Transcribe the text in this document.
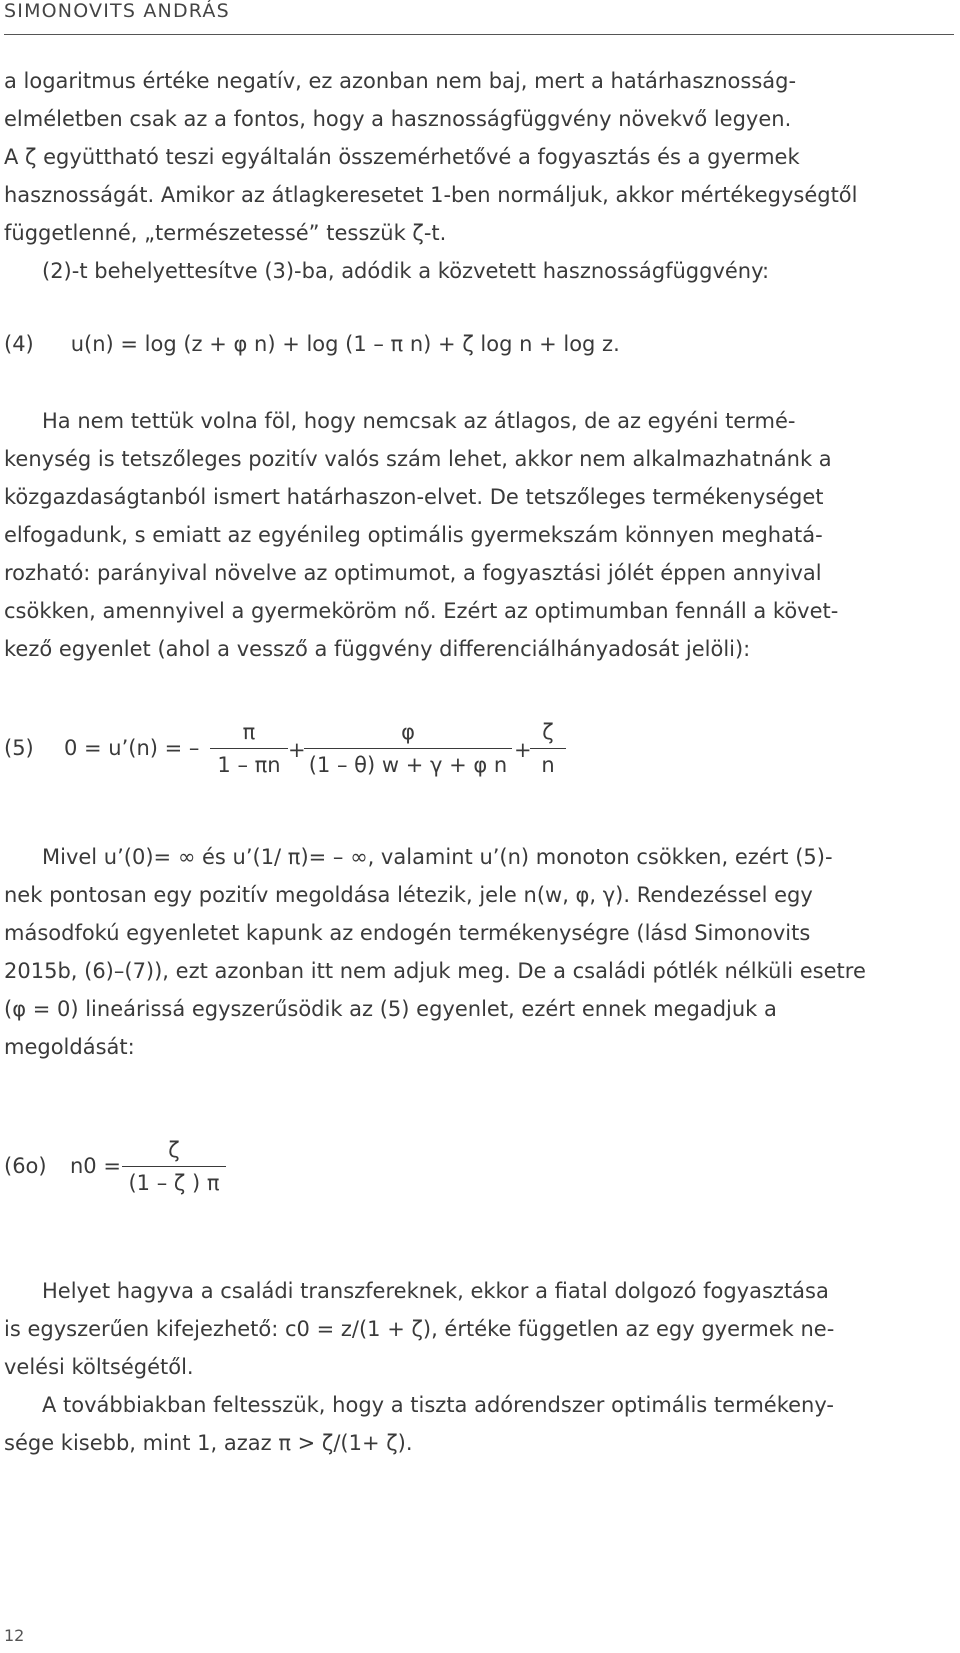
SIMONOVITS ANDRÁS
a logaritmus értéke negatív, ez azonban nem baj, mert a határhasznosság-
elméletben csak az a fontos, hogy a hasznosságfüggvény növekvő legyen.
A ζ együttható teszi egyáltalán összemérhetővé a fogyasztás és a gyermek
hasznosságát. Amikor az átlagkeresetet 1-ben normáljuk, akkor mértékegységtől
függetlenné, „természetessé” tesszük ζ-t.
(2)-t behelyettesítve (3)-ba, adódik a közvetett hasznosságfüggvény:
(4) u(n) = log (z + φ n) + log (1 – π n) + ζ log n + log z.
Ha nem tettük volna föl, hogy nemcsak az átlagos, de az egyéni termé-
kenység is tetszőleges pozitív valós szám lehet, akkor nem alkalmazhatnánk a
közgazdaságtanból ismert határhaszon-elvet. De tetszőleges termékenységet
elfogadunk, s emiatt az egyénileg optimális gyermekszám könnyen meghatá-
rozható: parányival növelve az optimumot, a fogyasztási jólét éppen annyival
csökken, amennyivel a gyermeköröm nő. Ezért az optimumban fennáll a követ-
kező egyenlet (ahol a vessző a függvény differenciálhányadosát jelöli):
(5) 0 = u’(n) = –
π
1 – πn
+
φ
(1 – θ) w + γ + φ n
+
ζ
n
Mivel u’(0)= ∞ és u’(1/ π)= – ∞, valamint u’(n) monoton csökken, ezért (5)-
nek pontosan egy pozitív megoldása létezik, jele n(w, φ, γ). Rendezéssel egy
másodfokú egyenletet kapunk az endogén termékenységre (lásd Simonovits
2015b, (6)–(7)), ezt azonban itt nem adjuk meg. De a családi pótlék nélküli esetre
(φ = 0) lineárissá egyszerűsödik az (5) egyenlet, ezért ennek megadjuk a
megoldását:
(6o) n0 =
ζ
(1 – ζ ) π
Helyet hagyva a családi transzfereknek, ekkor a fiatal dolgozó fogyasztása
is egyszerűen kifejezhető: c0 = z/(1 + ζ), értéke független az egy gyermek ne-
velési költségétől.
A továbbiakban feltesszük, hogy a tiszta adórendszer optimális termékeny-
sége kisebb, mint 1, azaz π > ζ/(1+ ζ).
12
